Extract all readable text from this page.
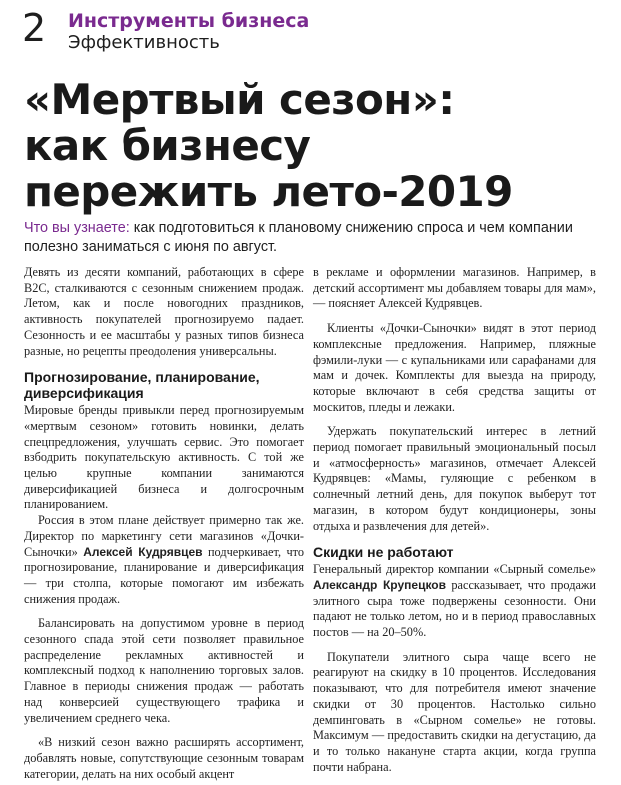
2 Инструменты бизнеса
Эффективность
«Мертвый сезон»:
как бизнесу
пережить лето-2019
Что вы узнаете: как подготовиться к плановому снижению спроса и чем компании полезно заниматься с июня по август.

Девять из десяти компаний, работающих в сфере B2C, сталкиваются с сезонным снижением продаж. Летом, как и после новогодних праздников, активность покупателей прогнозируемо падает. Сезонность и ее масштабы у разных типов бизнеса разные, но рецепты преодоления универсальны.

Прогнозирование, планирование, диверсификация

Мировые бренды привыкли перед прогнозируемым «мертвым сезоном» готовить новинки, делать спецпредложения, улучшать сервис. Это помогает взбодрить покупательскую активность. С той же целью крупные компании занимаются диверсификацией бизнеса и долгосрочным планированием.

Россия в этом плане действует примерно так же. Директор по маркетингу сети магазинов «Дочки-Сыночки» Алексей Кудрявцев подчеркивает, что прогнозирование, планирование и диверсификация — три столпа, которые помогают им избежать снижения продаж.

Балансировать на допустимом уровне в период сезонного спада этой сети позволяет правильное распределение рекламных активностей и комплексный подход к наполнению торговых залов. Главное в периоды снижения продаж — работать над конверсией существующего трафика и увеличением среднего чека.

«В низкий сезон важно расширять ассортимент, добавлять новые, сопутствующие сезонным товарам категории, делать на них особый акцент

в рекламе и оформлении магазинов. Например, в детский ассортимент мы добавляем товары для мам», — поясняет Алексей Кудрявцев.

Клиенты «Дочки-Сыночки» видят в этот период комплексные предложения. Например, пляжные фэмили-луки — с купальниками или сарафанами для мам и дочек. Комплекты для выезда на природу, которые включают в себя средства защиты от москитов, пледы и лежаки.

Удержать покупательский интерес в летний период помогает правильный эмоциональный посыл и «атмосферность» магазинов, отмечает Алексей Кудрявцев: «Мамы, гуляющие с ребенком в солнечный летний день, для покупок выберут тот магазин, в котором будут кондиционеры, зоны отдыха и развлечения для детей».

Скидки не работают

Генеральный директор компании «Сырный сомелье» Александр Крупецков рассказывает, что продажи элитного сыра тоже подвержены сезонности. Они падают не только летом, но и в период православных постов — на 20–50%.

Покупатели элитного сыра чаще всего не реагируют на скидку в 10 процентов. Исследования показывают, что для потребителя имеют значение скидки от 30 процентов. Настолько сильно демпинговать в «Сырном сомелье» не готовы. Максимум — предоставить скидки на дегустацию, да и то только накануне старта акции, когда группа почти набрана.
